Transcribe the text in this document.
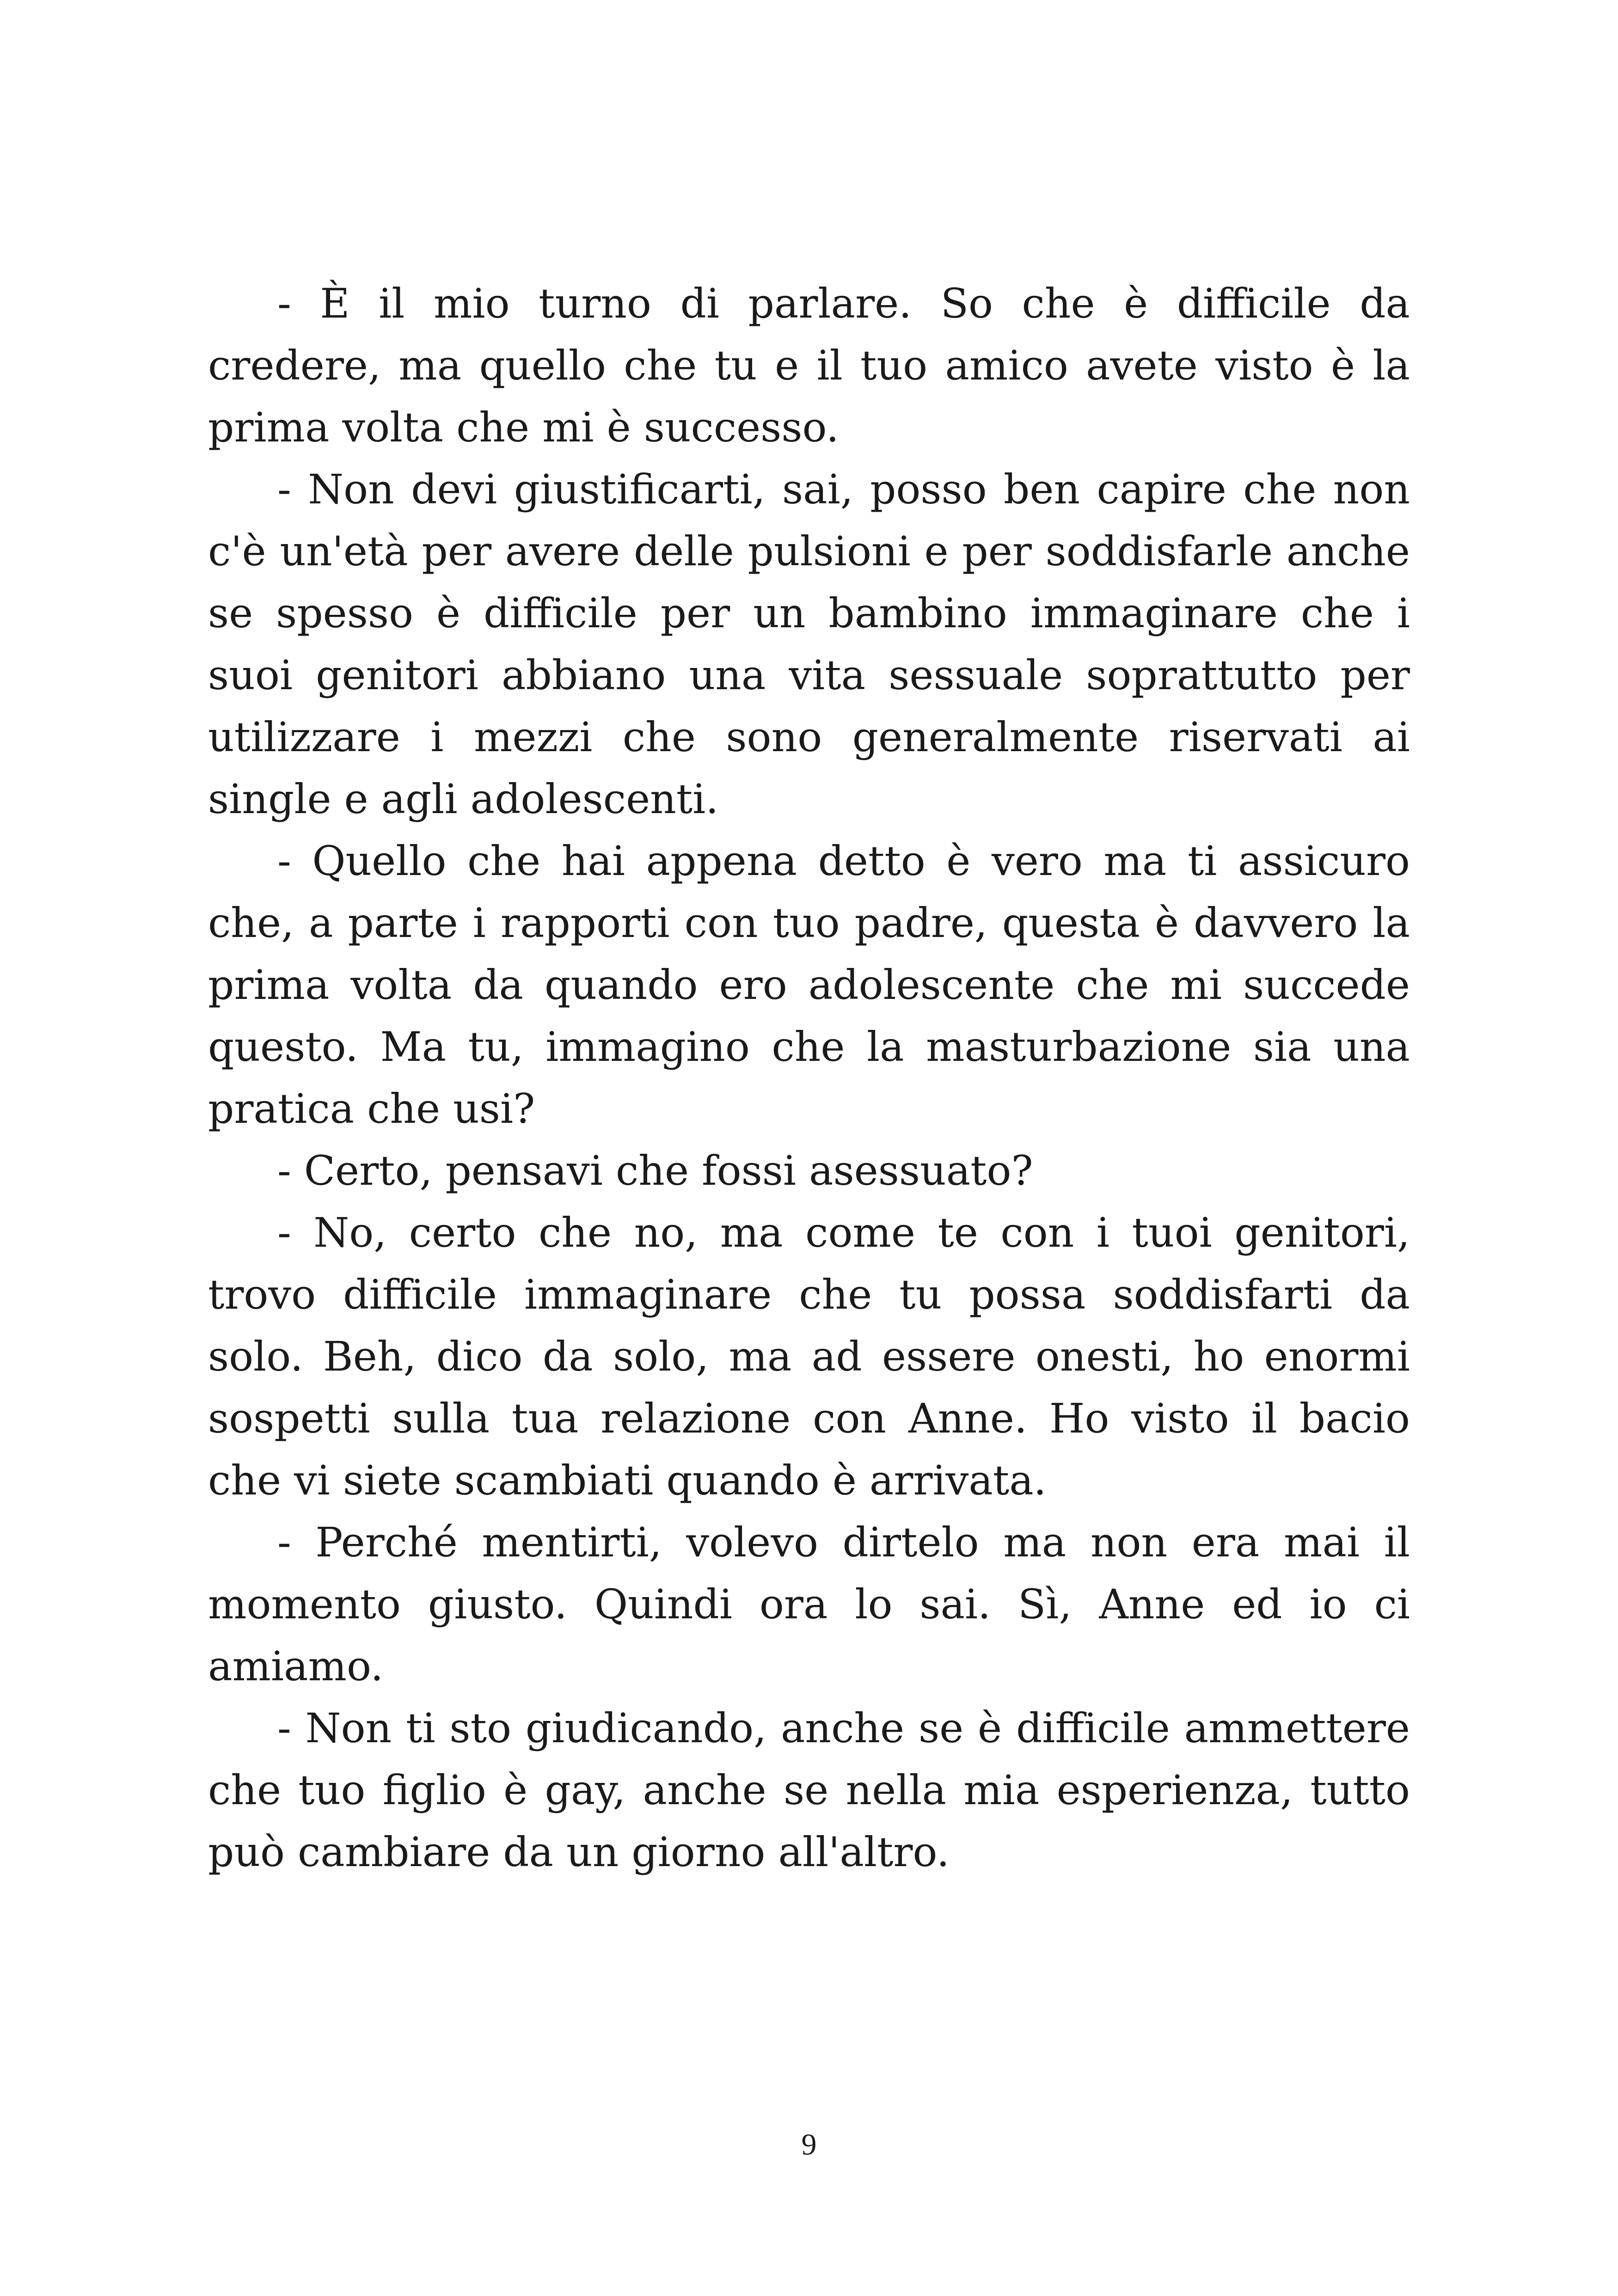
- È il mio turno di parlare. So che è difficile da credere, ma quello che tu e il tuo amico avete visto è la prima volta che mi è successo.

- Non devi giustificarti, sai, posso ben capire che non c'è un'età per avere delle pulsioni e per soddisfarle anche se spesso è difficile per un bambino immaginare che i suoi genitori abbiano una vita sessuale soprattutto per utilizzare i mezzi che sono generalmente riservati ai single e agli adolescenti.

- Quello che hai appena detto è vero ma ti assicuro che, a parte i rapporti con tuo padre, questa è davvero la prima volta da quando ero adolescente che mi succede questo. Ma tu, immagino che la masturbazione sia una pratica che usi?

- Certo, pensavi che fossi asessuato?

- No, certo che no, ma come te con i tuoi genitori, trovo difficile immaginare che tu possa soddisfarti da solo. Beh, dico da solo, ma ad essere onesti, ho enormi sospetti sulla tua relazione con Anne. Ho visto il bacio che vi siete scambiati quando è arrivata.

- Perché mentirti, volevo dirtelo ma non era mai il momento giusto. Quindi ora lo sai. Sì, Anne ed io ci amiamo.

- Non ti sto giudicando, anche se è difficile ammettere che tuo figlio è gay, anche se nella mia esperienza, tutto può cambiare da un giorno all'altro.

9
